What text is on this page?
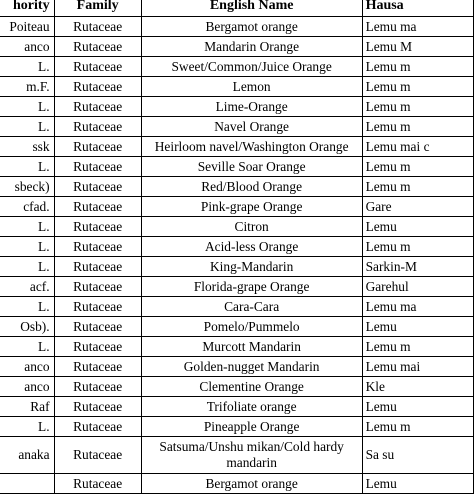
hority	Family	English Name	Hausa
Poiteau	Rutaceae	Bergamot orange	Lemu ma
anco	Rutaceae	Mandarin Orange	Lemu M
L.	Rutaceae	Sweet/Common/Juice Orange	Lemu m
m.F.	Rutaceae	Lemon	Lemu m
L.	Rutaceae	Lime-Orange	Lemu m
L.	Rutaceae	Navel Orange	Lemu m
ssk	Rutaceae	Heirloom navel/Washington Orange	Lemu mai c
L.	Rutaceae	Seville Soar Orange	Lemu m
sbeck)	Rutaceae	Red/Blood Orange	Lemu m
cfad.	Rutaceae	Pink-grape Orange	Gare
L.	Rutaceae	Citron	Lemu
L.	Rutaceae	Acid-less Orange	Lemu m
L.	Rutaceae	King-Mandarin	Sarkin-M
acf.	Rutaceae	Florida-grape Orange	Garehul
L.	Rutaceae	Cara-Cara	Lemu ma
Osb).	Rutaceae	Pomelo/Pummelo	Lemu
L.	Rutaceae	Murcott Mandarin	Lemu m
anco	Rutaceae	Golden-nugget Mandarin	Lemu mai
anco	Rutaceae	Clementine Orange	Kle
Raf	Rutaceae	Trifoliate orange	Lemu
L.	Rutaceae	Pineapple Orange	Lemu m
anaka	Rutaceae	Satsuma/Unshu mikan/Cold hardy mandarin	Sa su
	Rutaceae	Bergamot orange	Lemu
